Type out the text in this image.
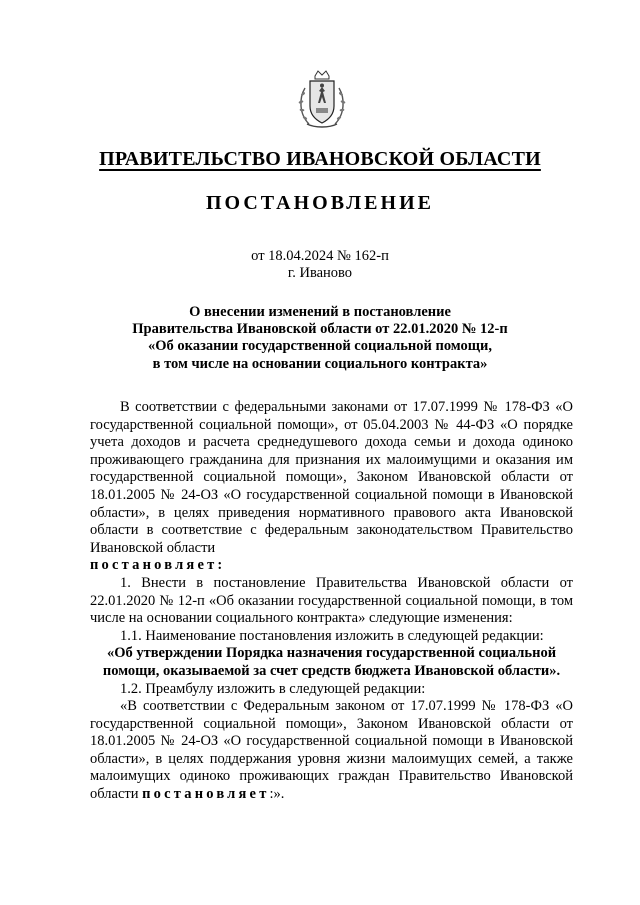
ПРАВИТЕЛЬСТВО ИВАНОВСКОЙ ОБЛАСТИ
ПОСТАНОВЛЕНИЕ
от 18.04.2024 № 162-п
г. Иваново
О внесении изменений в постановление
Правительства Ивановской области от 22.01.2020 № 12-п
«Об оказании государственной социальной помощи,
в том числе на основании социального контракта»

В соответствии с федеральными законами от 17.07.1999 № 178-ФЗ «О государственной социальной помощи», от 05.04.2003 № 44-ФЗ «О порядке учета доходов и расчета среднедушевого дохода семьи и дохода одиноко проживающего гражданина для признания их малоимущими и оказания им государственной социальной помощи», Законом Ивановской области от 18.01.2005 № 24-ОЗ «О государственной социальной помощи в Ивановской области», в целях приведения нормативного правового акта Ивановской области в соответствие с федеральным законодательством Правительство Ивановской области

постановляет:

1. Внести в постановление Правительства Ивановской области от 22.01.2020 № 12-п «Об оказании государственной социальной помощи, в том числе на основании социального контракта» следующие изменения:

1.1. Наименование постановления изложить в следующей редакции:

«Об утверждении Порядка назначения государственной социальной помощи, оказываемой за счет средств бюджета Ивановской области».

1.2. Преамбулу изложить в следующей редакции:

«В соответствии с Федеральным законом от 17.07.1999 № 178-ФЗ «О государственной социальной помощи», Законом Ивановской области от 18.01.2005 № 24-ОЗ «О государственной социальной помощи в Ивановской области», в целях поддержания уровня жизни малоимущих семей, а также малоимущих одиноко проживающих граждан Правительство Ивановской области постановляет:».
